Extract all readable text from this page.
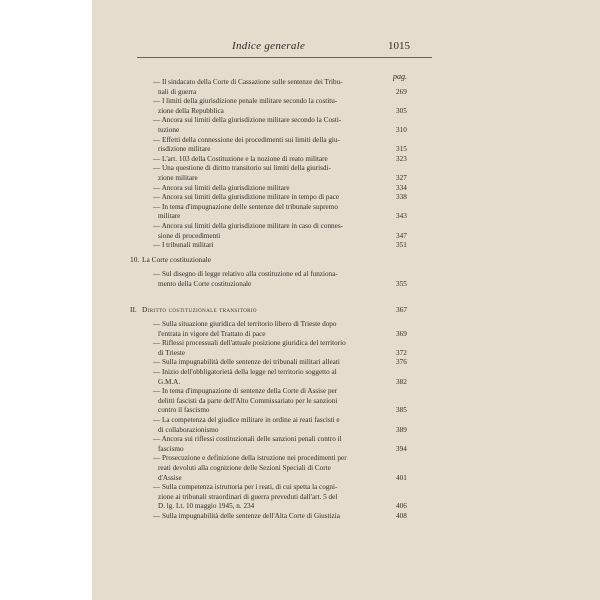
Indice generale	1015
pag.
— Il sindacato della Corte di Cassazione sulle sentenze dei Tribu-
nali di guerra	269
— I limiti della giurisdizione penale militare secondo la costitu-
zione della Repubblica	305
— Ancora sui limiti della giurisdizione militare secondo la Costi-
tuzione	310
— Effetti della connessione dei procedimenti sui limiti della giu-
risdizione militare	315
— L'art. 103 della Costituzione e la nozione di reato militare	323
— Una questione di diritto transitorio sui limiti della giurisdi-
zione militare	327
— Ancora sui limiti della giurisdizione militare	334
— Ancora sui limiti della giurisdizione militare in tempo di pace	338
— In tema d'impugnazione delle sentenze del tribunale supremo
militare	343
— Ancora sui limiti della giurisdizione militare in caso di connes-
sione di procedimenti	347
— I tribunali militari	351
10. La Corte costituzionale
— Sul disegno di legge relativo alla costituzione ed al funziona-
mento della Corte costituzionale	355
II. Diritto costituzionale transitorio	367
— Sulla situazione giuridica del territorio libero di Trieste dopo
l'entrata in vigore del Trattato di pace	369
— Riflessi processuali dell'attuale posizione giuridica del territorio
di Trieste	372
— Sulla impugnabilità delle sentenze dei tribunali militari alleati	376
— Inizio dell'obbligatorietà della legge nel territorio soggetto al
G.M.A.	382
— In tema d'impugnazione di sentenze della Corte di Assise per
delitti fascisti da parte dell'Alto Commissariato per le sanzioni
contro il fascismo	385
— La competenza del giudice militare in ordine ai reati fascisti e
di collaborazionismo	389
— Ancora sui riflessi costituzionali delle sanzioni penali contro il
fascismo	394
— Prosecuzione e definizione della istruzione nei procedimenti per
reati devoluti alla cognizione delle Sezioni Speciali di Corte
d'Assise	401
— Sulla competenza istruttoria per i reati, di cui spetta la cogni-
zione ai tribunali straordinari di guerra preveduti dall'art. 5 del
D. lg. Lt. 10 maggio 1945, n. 234	406
— Sulla impugnabilità delle sentenze dell'Alta Corte di Giustizia	408
